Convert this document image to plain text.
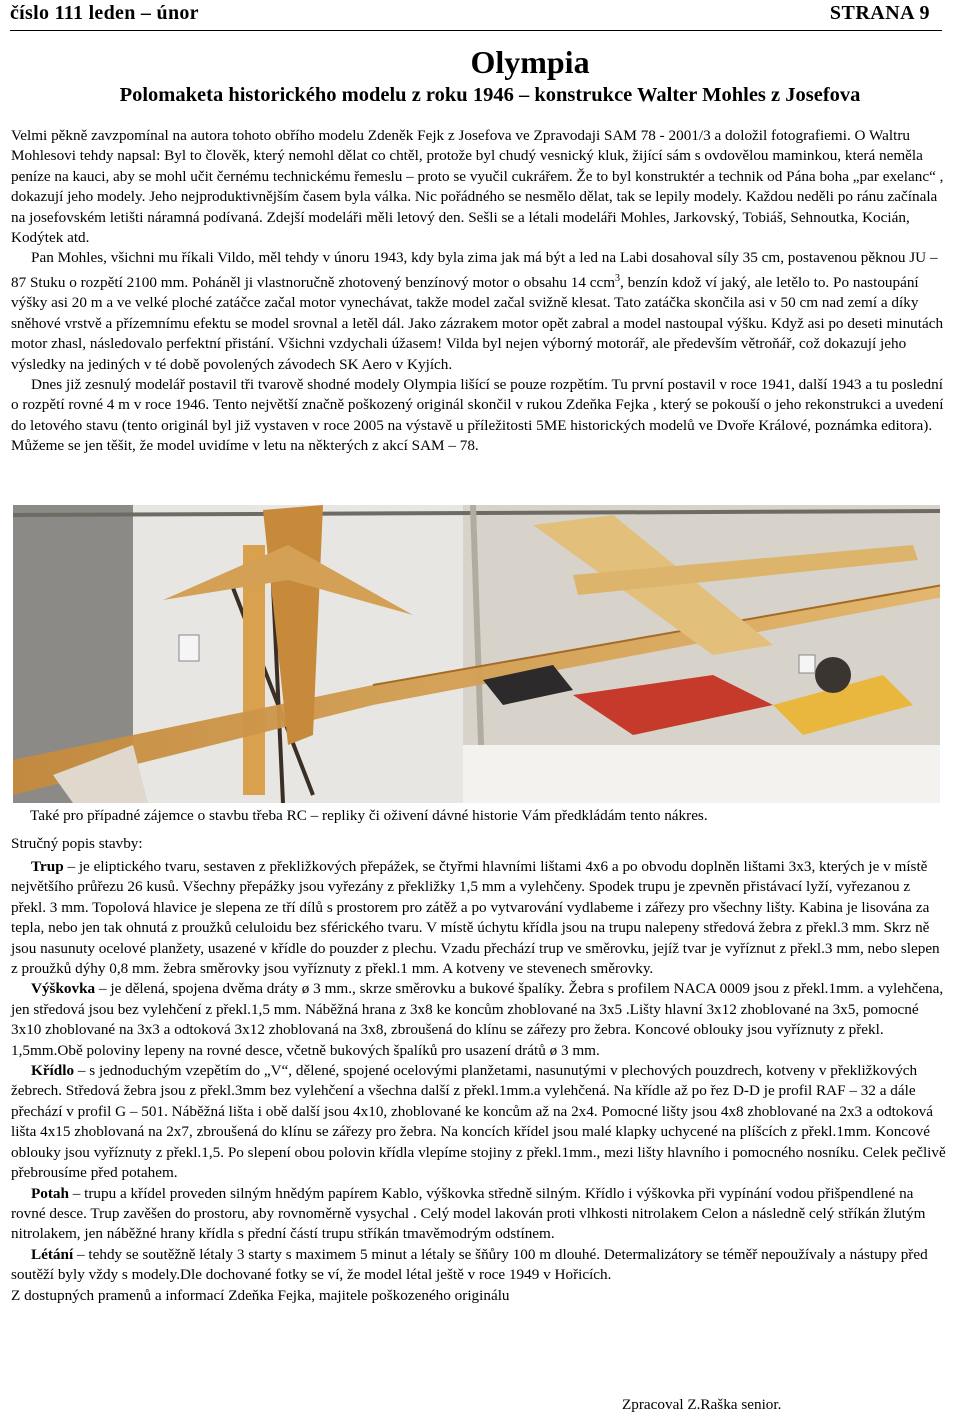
číslo 111 leden – únor	STRANA 9
Olympia
Polomaketa historického modelu z roku 1946 – konstrukce Walter Mohles z Josefova

Velmi pěkně zavzpomínal na autora tohoto obřího modelu Zdeněk Fejk z Josefova ve Zpravodaji SAM 78 - 2001/3 a doložil fotografiemi. O Waltru Mohlesovi tehdy napsal: Byl to člověk, který nemohl dělat co chtěl, protože byl chudý vesnický kluk, žijící sám s ovdovělou maminkou, která neměla peníze na kauci, aby se mohl učit černému technickému řemeslu – proto se vyučil cukrářem. Že to byl konstruktér a technik od Pána boha „par exelanc“ , dokazují jeho modely. Jeho nejproduktivnějším časem byla válka. Nic pořádného se nesmělo dělat, tak se lepily modely. Každou neděli po ránu začínala na josefovském letišti náramná podívaná. Zdejší modeláři měli letový den. Sešli se a létali modeláři Mohles, Jarkovský, Tobiáš, Sehnoutka, Kocián, Kodýtek atd.

Pan Mohles, všichni mu říkali Vildo, měl tehdy v únoru 1943, kdy byla zima jak má být a led na Labi dosahoval síly 35 cm, postavenou pěknou JU – 87 Stuku o rozpětí 2100 mm. Poháněl ji vlastnoručně zhotovený benzínový motor o obsahu 14 ccm$^3$, benzín kdož ví jaký, ale letělo to. Po nastoupání výšky asi 20 m a ve velké ploché zatáčce začal motor vynechávat, takže model začal svižně klesat. Tato zatáčka skončila asi v 50 cm nad zemí a díky sněhové vrstvě a přízemnímu efektu se model srovnal a letěl dál. Jako zázrakem motor opět zabral a model nastoupal výšku. Když asi po deseti minutách motor zhasl, následovalo perfektní přistání. Všichni vzdychali úžasem! Vilda byl nejen výborný motorář, ale především větroňář, což dokazují jeho výsledky na jediných v té době povolených závodech SK Aero v Kyjích.

Dnes již zesnulý modelář postavil tři tvarově shodné modely Olympia lišící se pouze rozpětím. Tu první postavil v roce 1941, další 1943 a tu poslední o rozpětí rovné 4 m v roce 1946. Tento největší značně poškozený originál skončil v rukou Zdeňka Fejka , který se pokouší o jeho rekonstrukci a uvedení do letového stavu (tento originál byl již vystaven v roce 2005 na výstavě u příležitosti 5ME historických modelů ve Dvoře Králové, poznámka editora). Můžeme se jen těšit, že model uvidíme v letu na některých z akcí SAM – 78.

Také pro případné zájemce o stavbu třeba RC – repliky či oživení dávné historie Vám předkládám tento nákres.
Stručný popis stavby:

Trup – je eliptického tvaru, sestaven z překližkových přepážek, se čtyřmi hlavními lištami 4x6 a po obvodu doplněn lištami 3x3, kterých je v místě největšího průřezu 26 kusů. Všechny přepážky jsou vyřezány z překližky 1,5 mm a vylehčeny. Spodek trupu je zpevněn přistávací lyží, vyřezanou z překl. 3 mm. Topolová hlavice je slepena ze tří dílů s prostorem pro zátěž a po vytvarování vydlabeme i zářezy pro všechny lišty. Kabina je lisována za tepla, nebo jen tak ohnutá z proužků celuloidu bez sférického tvaru. V místě úchytu křídla jsou na trupu nalepeny středová žebra z překl.3 mm. Skrz ně jsou nasunuty ocelové planžety, usazené v křídle do pouzder z plechu. Vzadu přechází trup ve směrovku, jejíž tvar je vyříznut z překl.3 mm, nebo slepen z proužků dýhy 0,8 mm. žebra směrovky jsou vyříznuty z překl.1 mm. A kotveny ve stevenech směrovky.

Výškovka – je dělená, spojena dvěma dráty ø 3 mm., skrze směrovku a bukové špalíky. Žebra s profilem NACA 0009 jsou z překl.1mm. a vylehčena, jen středová jsou bez vylehčení z překl.1,5 mm. Náběžná hrana z 3x8 ke koncům zhoblované na 3x5 .Lišty hlavní 3x12 zhoblované na 3x5, pomocné 3x10 zhoblované na 3x3 a odtoková 3x12 zhoblovaná na 3x8, zbroušená do klínu se zářezy pro žebra. Koncové oblouky jsou vyříznuty z překl. 1,5mm.Obě poloviny lepeny na rovné desce, včetně bukových špalíků pro usazení drátů ø 3 mm.

Křídlo – s jednoduchým vzepětím do „V“, dělené, spojené ocelovými planžetami, nasunutými v plechových pouzdrech, kotveny v překližkových žebrech. Středová žebra jsou z překl.3mm bez vylehčení a všechna další z překl.1mm.a vylehčená. Na křídle až po řez D-D je profil RAF – 32 a dále přechází v profil G – 501. Náběžná lišta i obě další jsou 4x10, zhoblované ke koncům až na 2x4. Pomocné lišty jsou 4x8 zhoblované na 2x3 a odtoková lišta 4x15 zhoblovaná na 2x7, zbroušená do klínu se zářezy pro žebra. Na koncích křídel jsou malé klapky uchycené na plíšcích z překl.1mm. Koncové oblouky jsou vyříznuty z překl.1,5. Po slepení obou polovin křídla vlepíme stojiny z překl.1mm., mezi lišty hlavního i pomocného nosníku. Celek pečlivě přebrousíme před potahem.

Potah – trupu a křídel proveden silným hnědým papírem Kablo, výškovka středně silným. Křídlo i výškovka při vypínání vodou přišpendlené na rovné desce. Trup zavěšen do prostoru, aby rovnoměrně vysychal . Celý model lakován proti vlhkosti nitrolakem Celon a následně celý stříkán žlutým nitrolakem, jen náběžné hrany křídla s přední částí trupu stříkán tmavěmodrým odstínem.

Létání – tehdy se soutěžně létaly 3 starty s maximem 5 minut a létaly se šňůry 100 m dlouhé. Determalizátory se téměř nepoužívaly a nástupy před soutěží byly vždy s modely.Dle dochované fotky se ví, že model létal ještě v roce 1949 v Hořicích.

Z dostupných pramenů a informací Zdeňka Fejka, majitele poškozeného originálu

Zpracoval Z.Raška senior.
